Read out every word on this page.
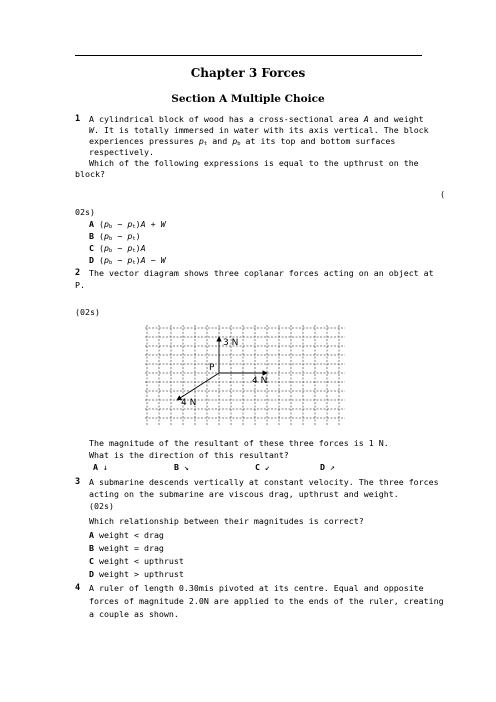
Chapter 3 Forces
Section A Multiple Choice
1 A cylindrical block of wood has a cross-sectional area A and weight
W. It is totally immersed in water with its axis vertical. The block
experiences pressures pt and pb at its top and bottom surfaces
respectively.
Which of the following expressions is equal to the upthrust on the
block?
(
02s)
A (pb − pt)A + W
B (pb − pt)
C (pb − pt)A
D (pb − pt)A − W
2 The vector diagram shows three coplanar forces acting on an object at
P.
(02s)
3 N
P
4 N
4 N
The magnitude of the resultant of these three forces is 1 N.
What is the direction of this resultant?
A ↓	B ↘	C ↙	D ↗
3 A submarine descends vertically at constant velocity. The three forces
acting on the submarine are viscous drag, upthrust and weight.
(02s)
Which relationship between their magnitudes is correct?
A weight < drag
B weight = drag
C weight < upthrust
D weight > upthrust
4 A ruler of length 0.30mis pivoted at its centre. Equal and opposite
forces of magnitude 2.0N are applied to the ends of the ruler, creating
a couple as shown.
